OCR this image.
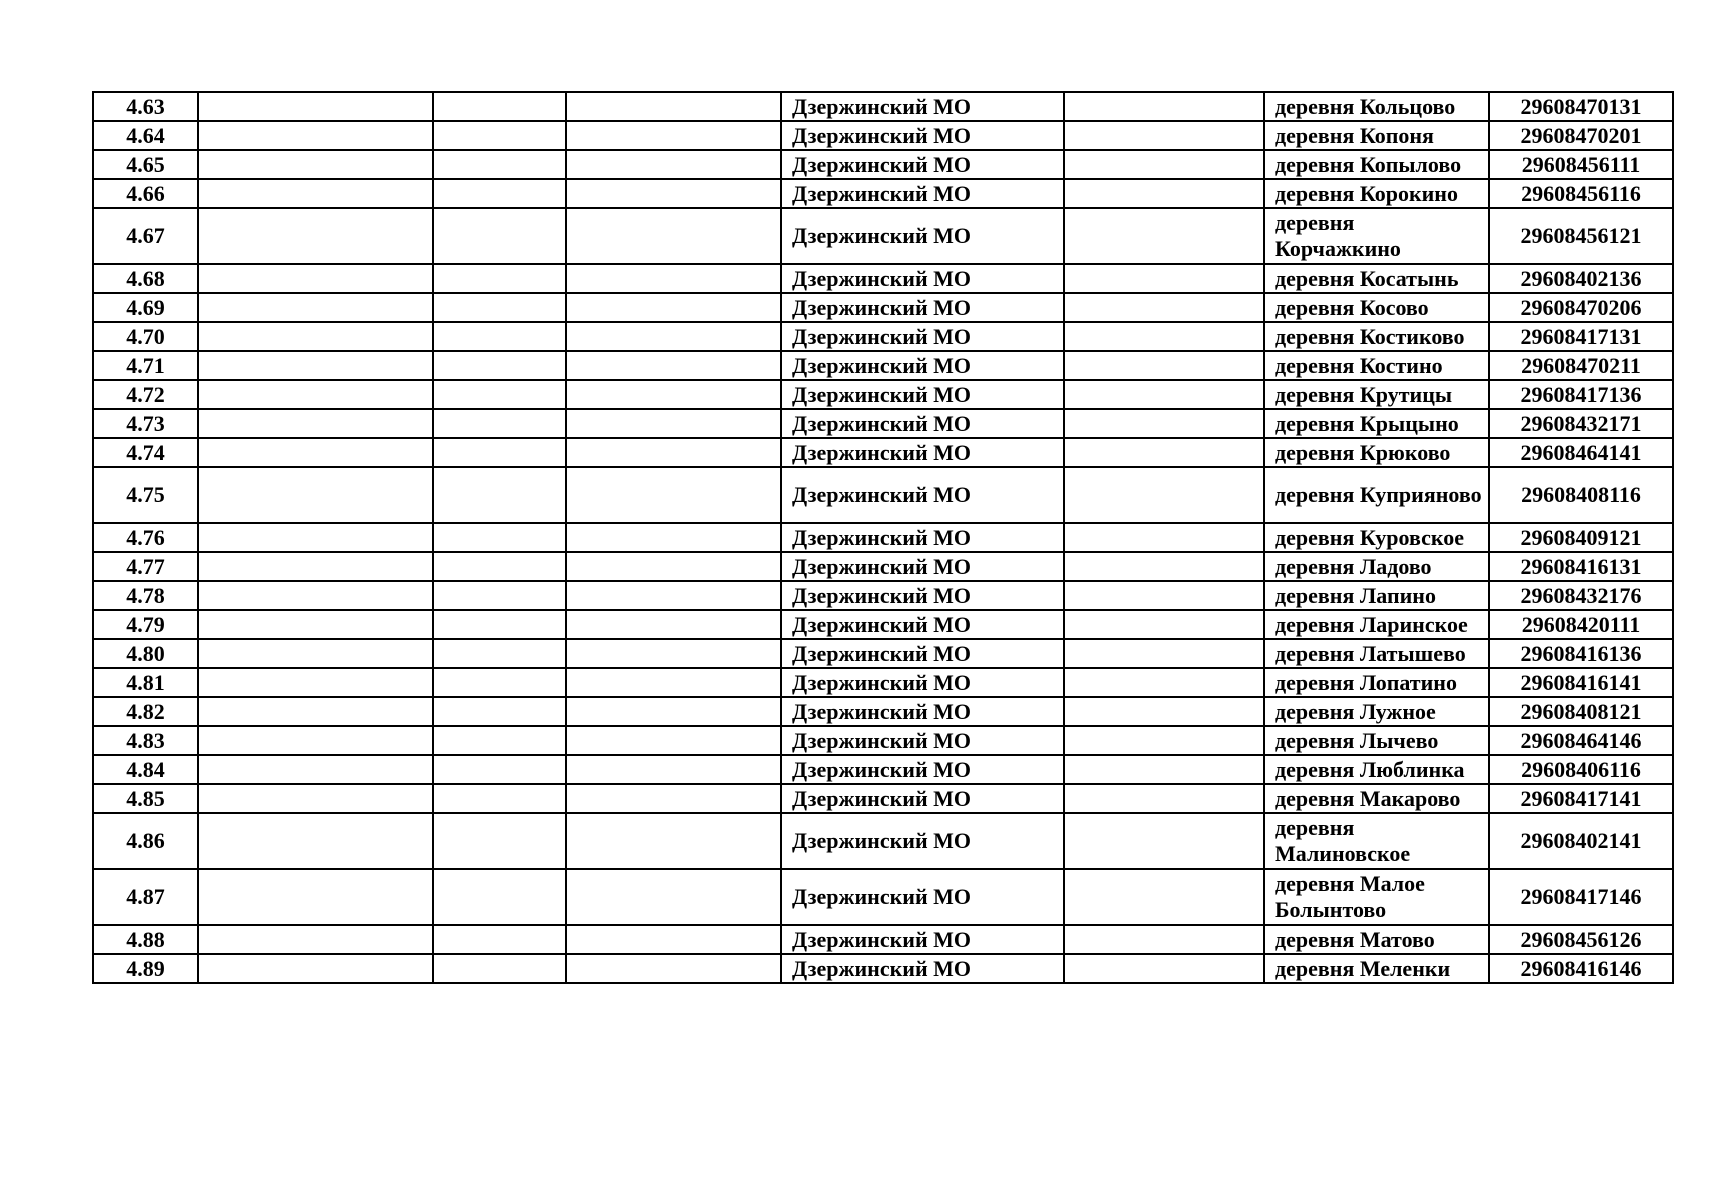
4.63				Дзержинский МО		деревня Кольцово	29608470131
4.64				Дзержинский МО		деревня Копоня	29608470201
4.65				Дзержинский МО		деревня Копылово	29608456111
4.66				Дзержинский МО		деревня Корокино	29608456116
4.67				Дзержинский МО		деревня Корчажкино	29608456121
4.68				Дзержинский МО		деревня Косатынь	29608402136
4.69				Дзержинский МО		деревня Косово	29608470206
4.70				Дзержинский МО		деревня Костиково	29608417131
4.71				Дзержинский МО		деревня Костино	29608470211
4.72				Дзержинский МО		деревня Крутицы	29608417136
4.73				Дзержинский МО		деревня Крыцыно	29608432171
4.74				Дзержинский МО		деревня Крюково	29608464141
4.75				Дзержинский МО		деревня Куприяново	29608408116
4.76				Дзержинский МО		деревня Куровское	29608409121
4.77				Дзержинский МО		деревня Ладово	29608416131
4.78				Дзержинский МО		деревня Лапино	29608432176
4.79				Дзержинский МО		деревня Ларинское	29608420111
4.80				Дзержинский МО		деревня Латышево	29608416136
4.81				Дзержинский МО		деревня Лопатино	29608416141
4.82				Дзержинский МО		деревня Лужное	29608408121
4.83				Дзержинский МО		деревня Лычево	29608464146
4.84				Дзержинский МО		деревня Люблинка	29608406116
4.85				Дзержинский МО		деревня Макарово	29608417141
4.86				Дзержинский МО		деревня Малиновское	29608402141
4.87				Дзержинский МО		деревня Малое Болынтово	29608417146
4.88				Дзержинский МО		деревня Матово	29608456126
4.89				Дзержинский МО		деревня Меленки	29608416146
